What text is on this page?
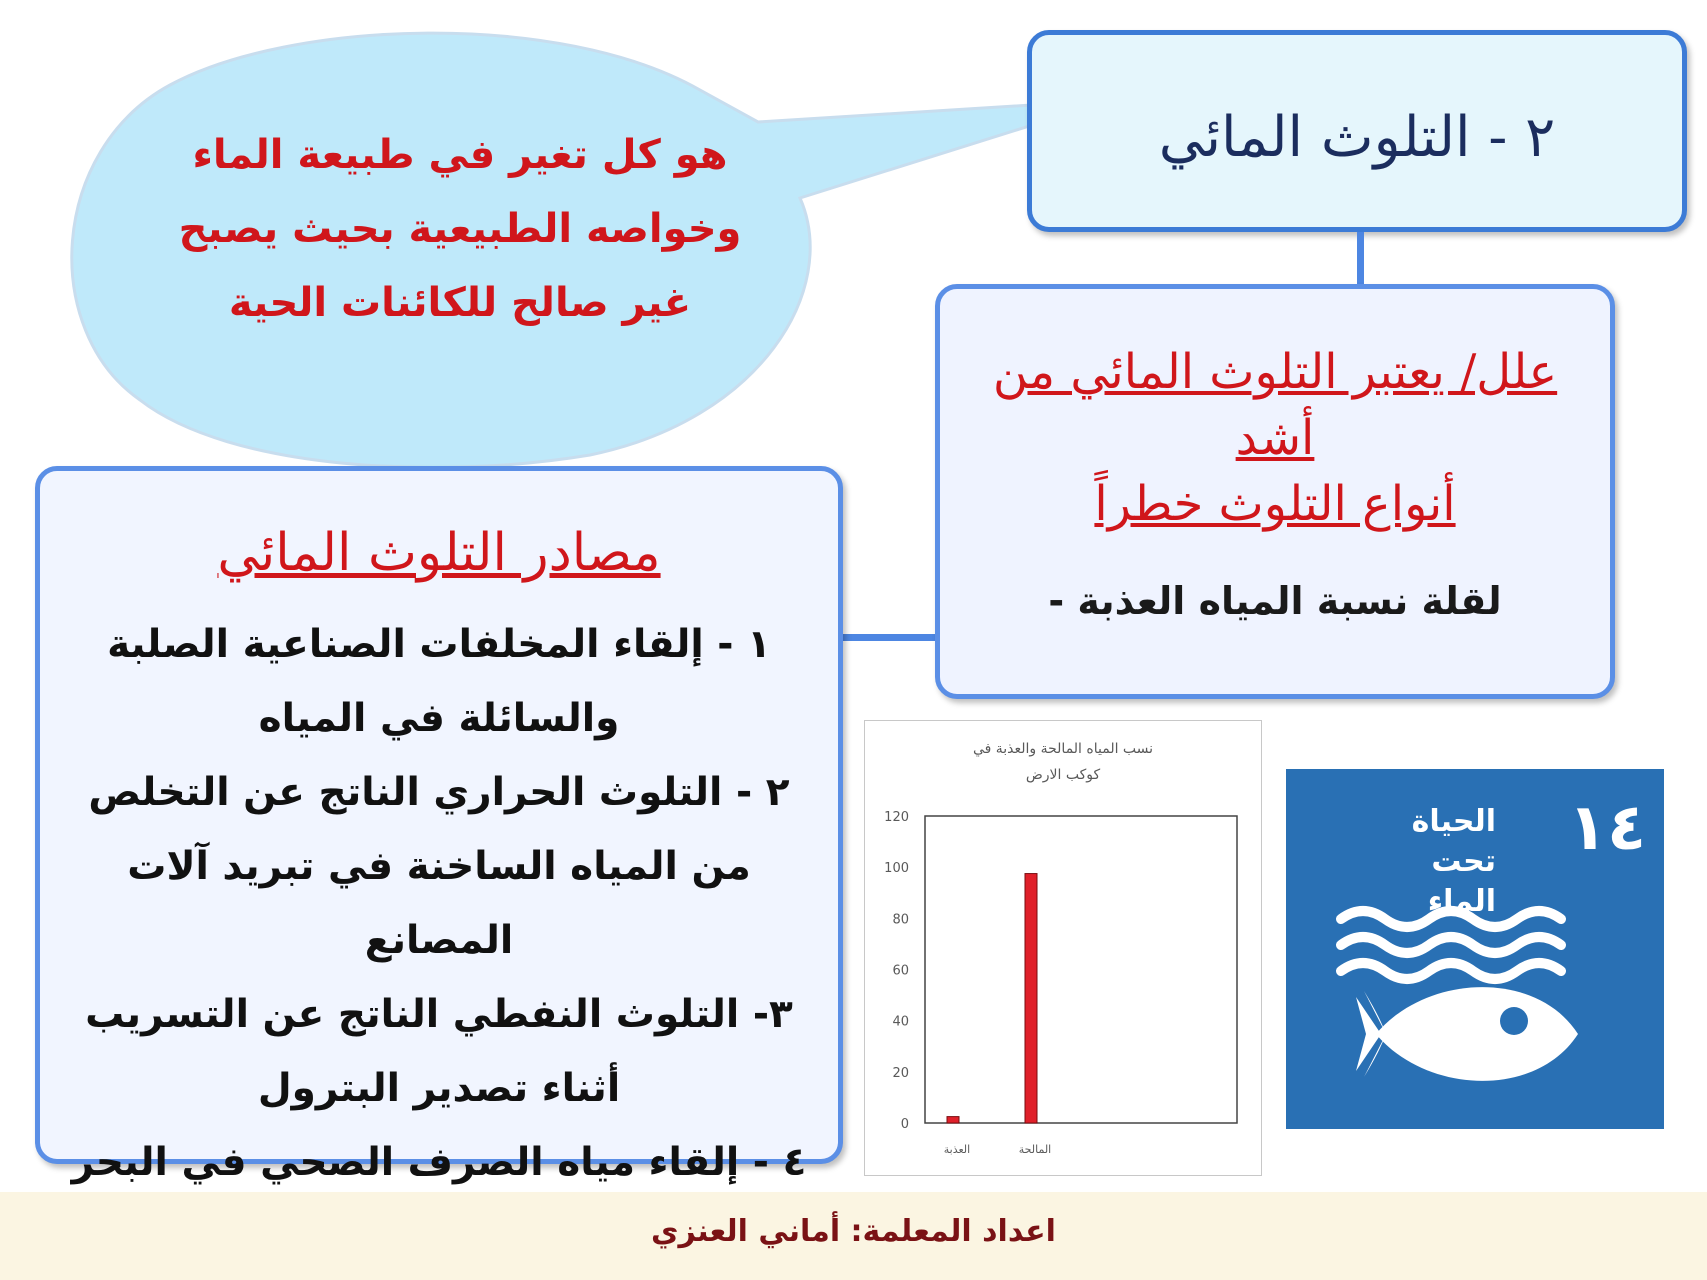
هو كل تغير في طبيعة الماء
وخواصه الطبيعية بحيث يصبح
غير صالح للكائنات الحية
٢ - التلوث المائي
علل/ يعتبر التلوث المائي من أشد
أنواع التلوث خطراً
- لقلة نسبة المياه العذبة
مصادر التلوث المائي
١ - إلقاء المخلفات الصناعية الصلبة
والسائلة في المياه
٢ - التلوث الحراري الناتج عن التخلص
من المياه الساخنة في تبريد آلات المصانع
٣- التلوث النفطي الناتج عن التسريب
أثناء تصدير البترول
٤ - إلقاء مياه الصرف الصحي في البحر
نسب المياه المالحة والعذبة في
كوكب الارض
0
20
40
60
80
100
120
العذبة	المالحة
١٤
الحياة تحت
الماء
اعداد المعلمة: أماني العنزي
